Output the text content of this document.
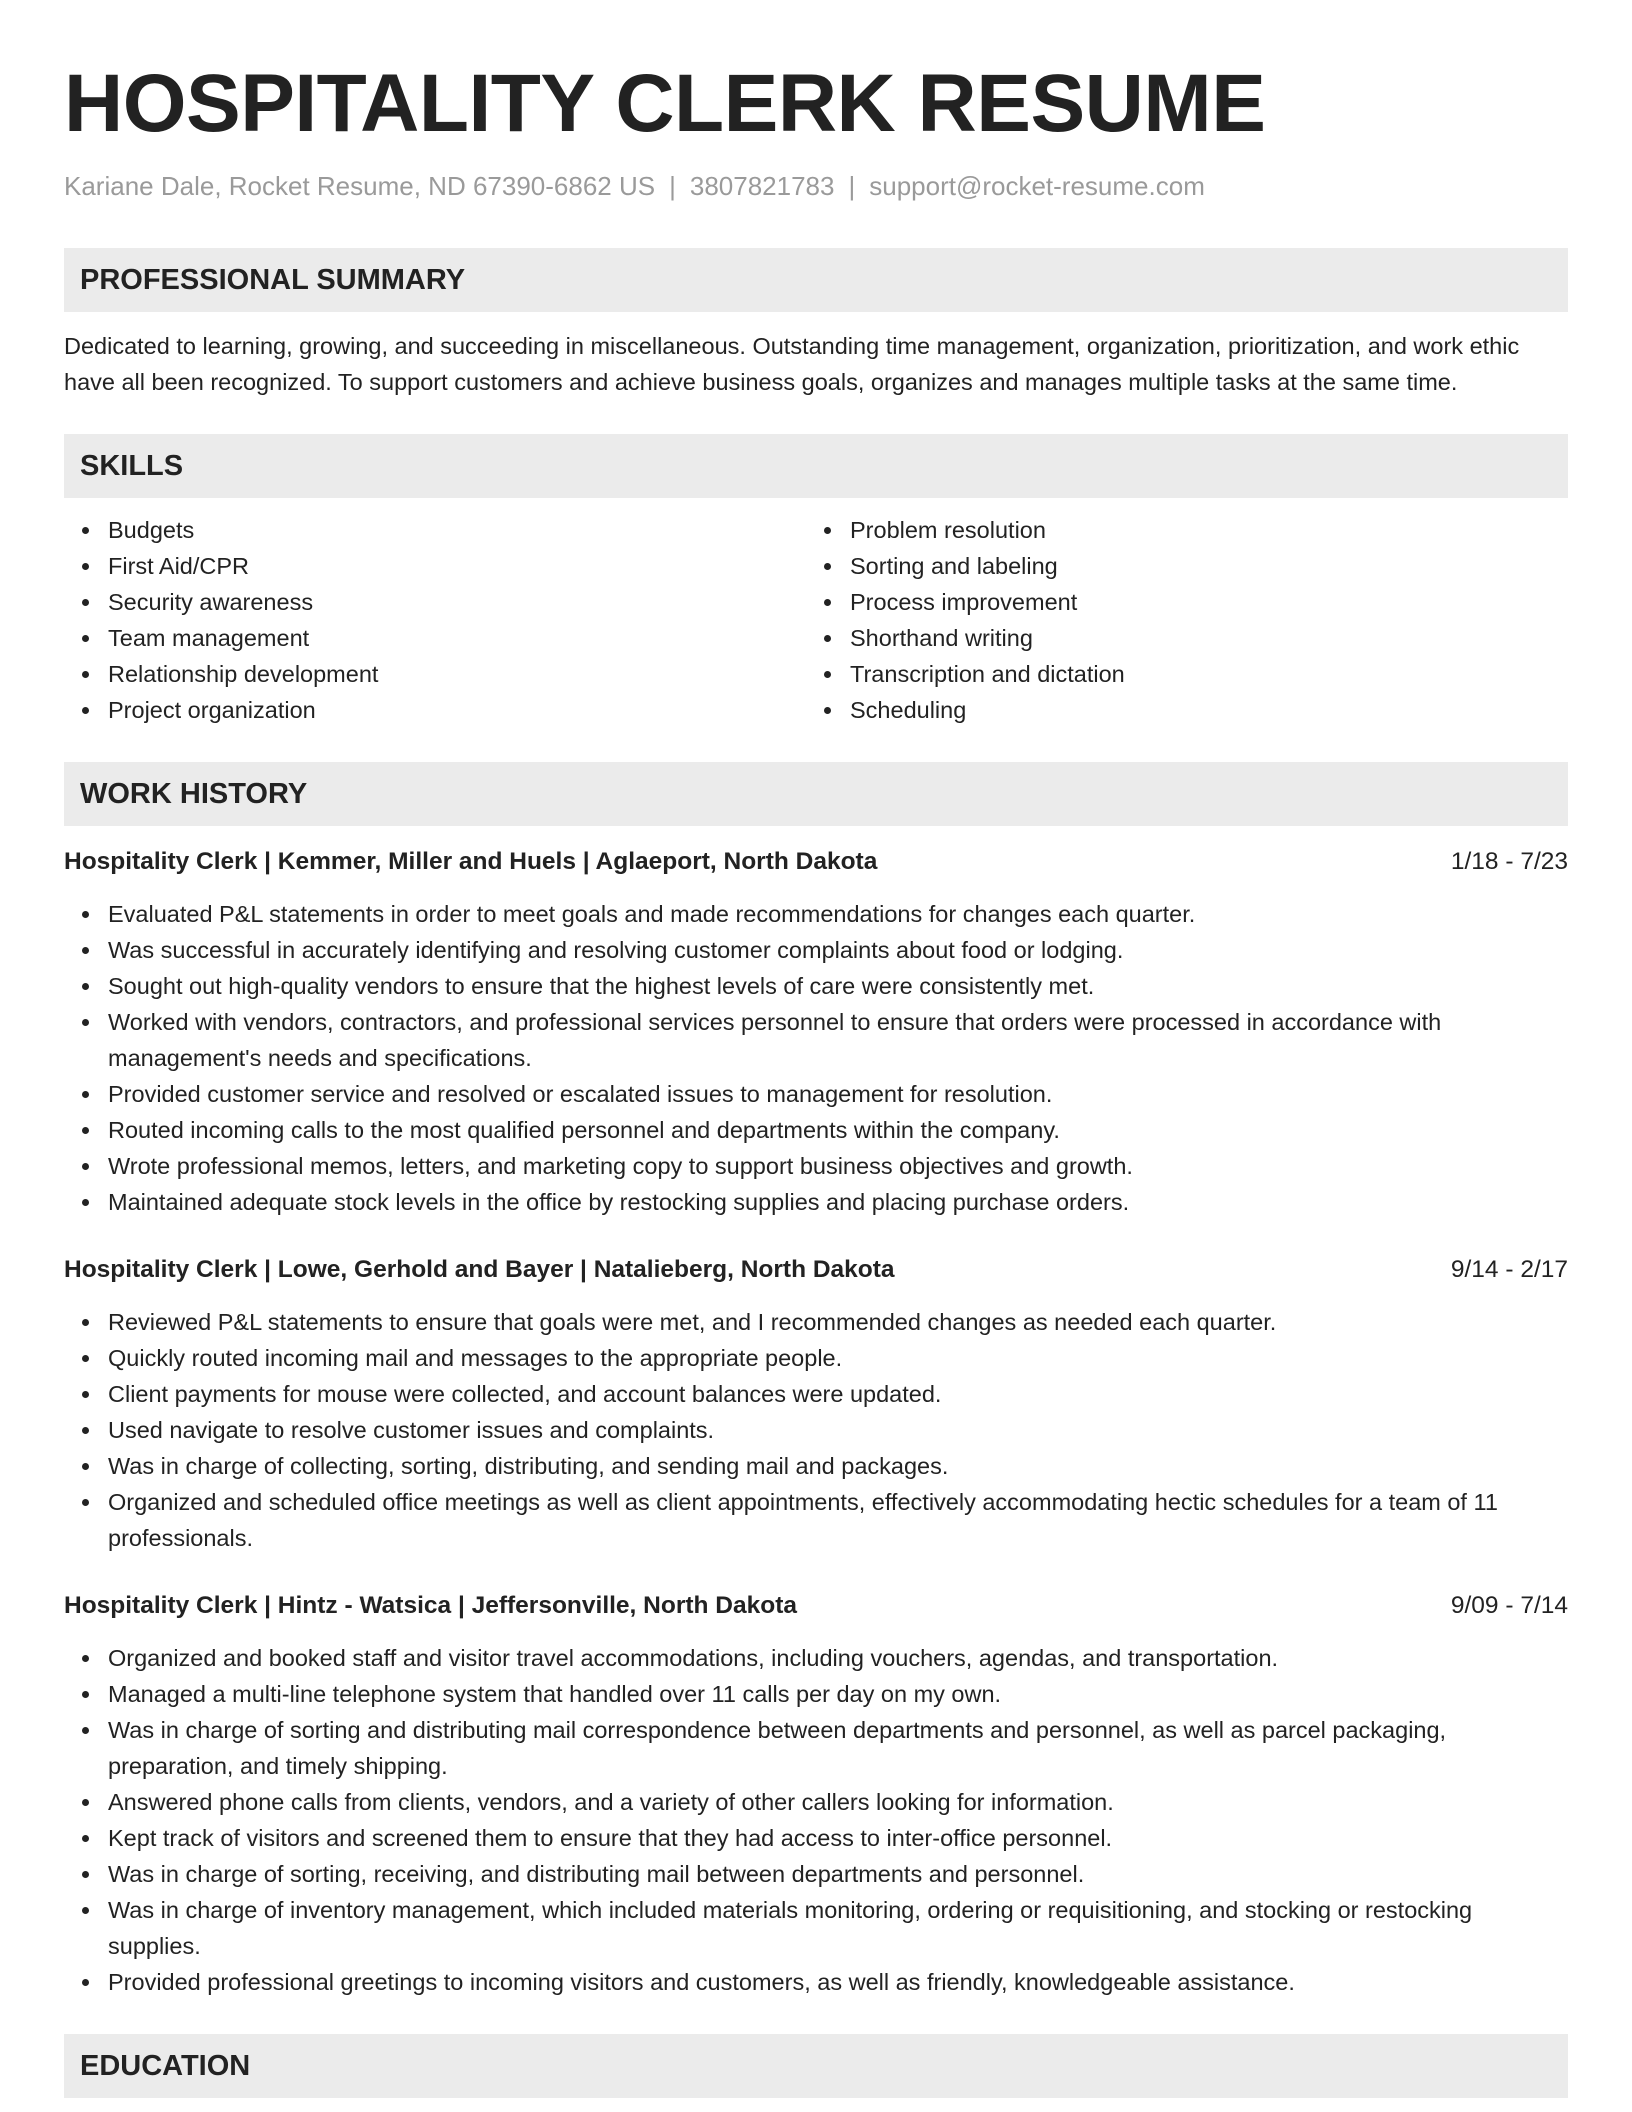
HOSPITALITY CLERK RESUME
Kariane Dale, Rocket Resume, ND 67390-6862 US | 3807821783 | support@rocket-resume.com
PROFESSIONAL SUMMARY

Dedicated to learning, growing, and succeeding in miscellaneous. Outstanding time management, organization, prioritization, and work ethic have all been recognized. To support customers and achieve business goals, organizes and manages multiple tasks at the same time.

SKILLS
Budgets
First Aid/CPR
Security awareness
Team management
Relationship development
Project organization
Problem resolution
Sorting and labeling
Process improvement
Shorthand writing
Transcription and dictation
Scheduling
WORK HISTORY
Hospitality Clerk | Kemmer, Miller and Huels | Aglaeport, North Dakota	1/18 - 7/23
Evaluated P&L statements in order to meet goals and made recommendations for changes each quarter.
Was successful in accurately identifying and resolving customer complaints about food or lodging.
Sought out high-quality vendors to ensure that the highest levels of care were consistently met.
Worked with vendors, contractors, and professional services personnel to ensure that orders were processed in accordance with management's needs and specifications.
Provided customer service and resolved or escalated issues to management for resolution.
Routed incoming calls to the most qualified personnel and departments within the company.
Wrote professional memos, letters, and marketing copy to support business objectives and growth.
Maintained adequate stock levels in the office by restocking supplies and placing purchase orders.
Hospitality Clerk | Lowe, Gerhold and Bayer | Natalieberg, North Dakota	9/14 - 2/17
Reviewed P&L statements to ensure that goals were met, and I recommended changes as needed each quarter.
Quickly routed incoming mail and messages to the appropriate people.
Client payments for mouse were collected, and account balances were updated.
Used navigate to resolve customer issues and complaints.
Was in charge of collecting, sorting, distributing, and sending mail and packages.
Organized and scheduled office meetings as well as client appointments, effectively accommodating hectic schedules for a team of 11 professionals.
Hospitality Clerk | Hintz - Watsica | Jeffersonville, North Dakota	9/09 - 7/14
Organized and booked staff and visitor travel accommodations, including vouchers, agendas, and transportation.
Managed a multi-line telephone system that handled over 11 calls per day on my own.
Was in charge of sorting and distributing mail correspondence between departments and personnel, as well as parcel packaging, preparation, and timely shipping.
Answered phone calls from clients, vendors, and a variety of other callers looking for information.
Kept track of visitors and screened them to ensure that they had access to inter-office personnel.
Was in charge of sorting, receiving, and distributing mail between departments and personnel.
Was in charge of inventory management, which included materials monitoring, ordering or requisitioning, and stocking or restocking supplies.
Provided professional greetings to incoming visitors and customers, as well as friendly, knowledgeable assistance.
EDUCATION
